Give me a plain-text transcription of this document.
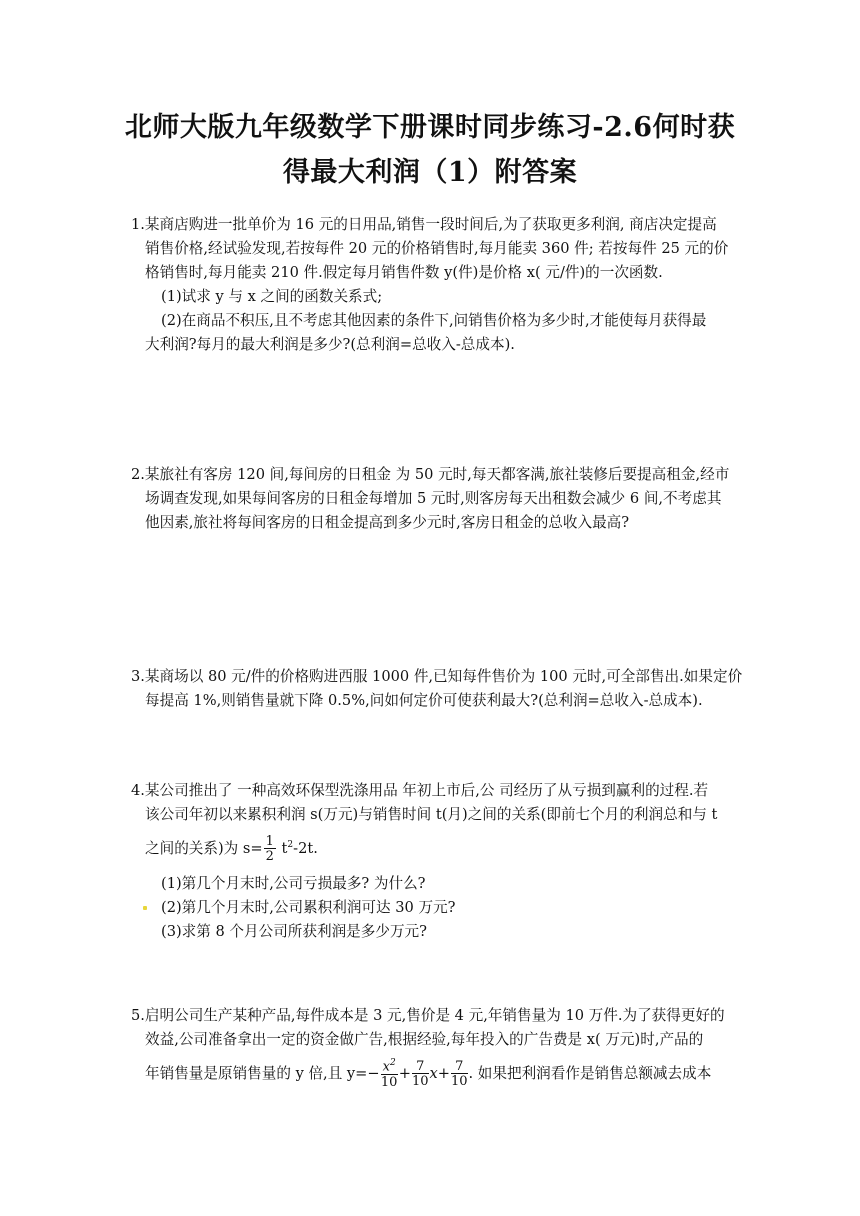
北师大版九年级数学下册课时同步练习-2.6何时获
得最大利润（1）附答案
1.某商店购进一批单价为 16 元的日用品,销售一段时间后,为了获取更多利润, 商店决定提高
销售价格,经试验发现,若按每件 20 元的价格销售时,每月能卖 360 件; 若按每件 25 元的价
格销售时,每月能卖 210 件.假定每月销售件数 y(件)是价格 x( 元/件)的一次函数.
(1)试求 y 与 x 之间的函数关系式;
(2)在商品不积压,且不考虑其他因素的条件下,问销售价格为多少时,才能使每月获得最
大利润?每月的最大利润是多少?(总利润=总收入-总成本).
2.某旅社有客房 120 间,每间房的日租金 为 50 元时,每天都客满,旅社装修后要提高租金,经市
场调查发现,如果每间客房的日租金每增加 5 元时,则客房每天出租数会减少 6 间,不考虑其
他因素,旅社将每间客房的日租金提高到多少元时,客房日租金的总收入最高?
3.某商场以 80 元/件的价格购进西服 1000 件,已知每件售价为 100 元时,可全部售出.如果定价
每提高 1%,则销售量就下降 0.5%,问如何定价可使获利最大?(总利润=总收入-总成本).
4.某公司推出了 一种高效环保型洗涤用品 年初上市后,公 司经历了从亏损到赢利的过程.若
该公司年初以来累积利润 s(万元)与销售时间 t(月)之间的关系(即前七个月的利润总和与 t
之间的关系)为 $s= \frac{1}{2} t^2-2t$.
(1)第几个月末时,公司亏损最多? 为什么?
(2)第几个月末时,公司累积利润可达 30 万元?
(3)求第 8 个月公司所获利润是多少万元?
5.启明公司生产某种产品,每件成本是 3 元,售价是 4 元,年销售量为 10 万件.为了获得更好的
效益,公司准备拿出一定的资金做广告,根据经验,每年投入的广告费是 x( 万元)时,产品的
年销售量是原销售量的 y 倍,且 $y=- \frac{x^2}{10} + \frac{7}{10} x+ \frac{7}{10}$ . 如果把利润看作是销售总额减去成本
